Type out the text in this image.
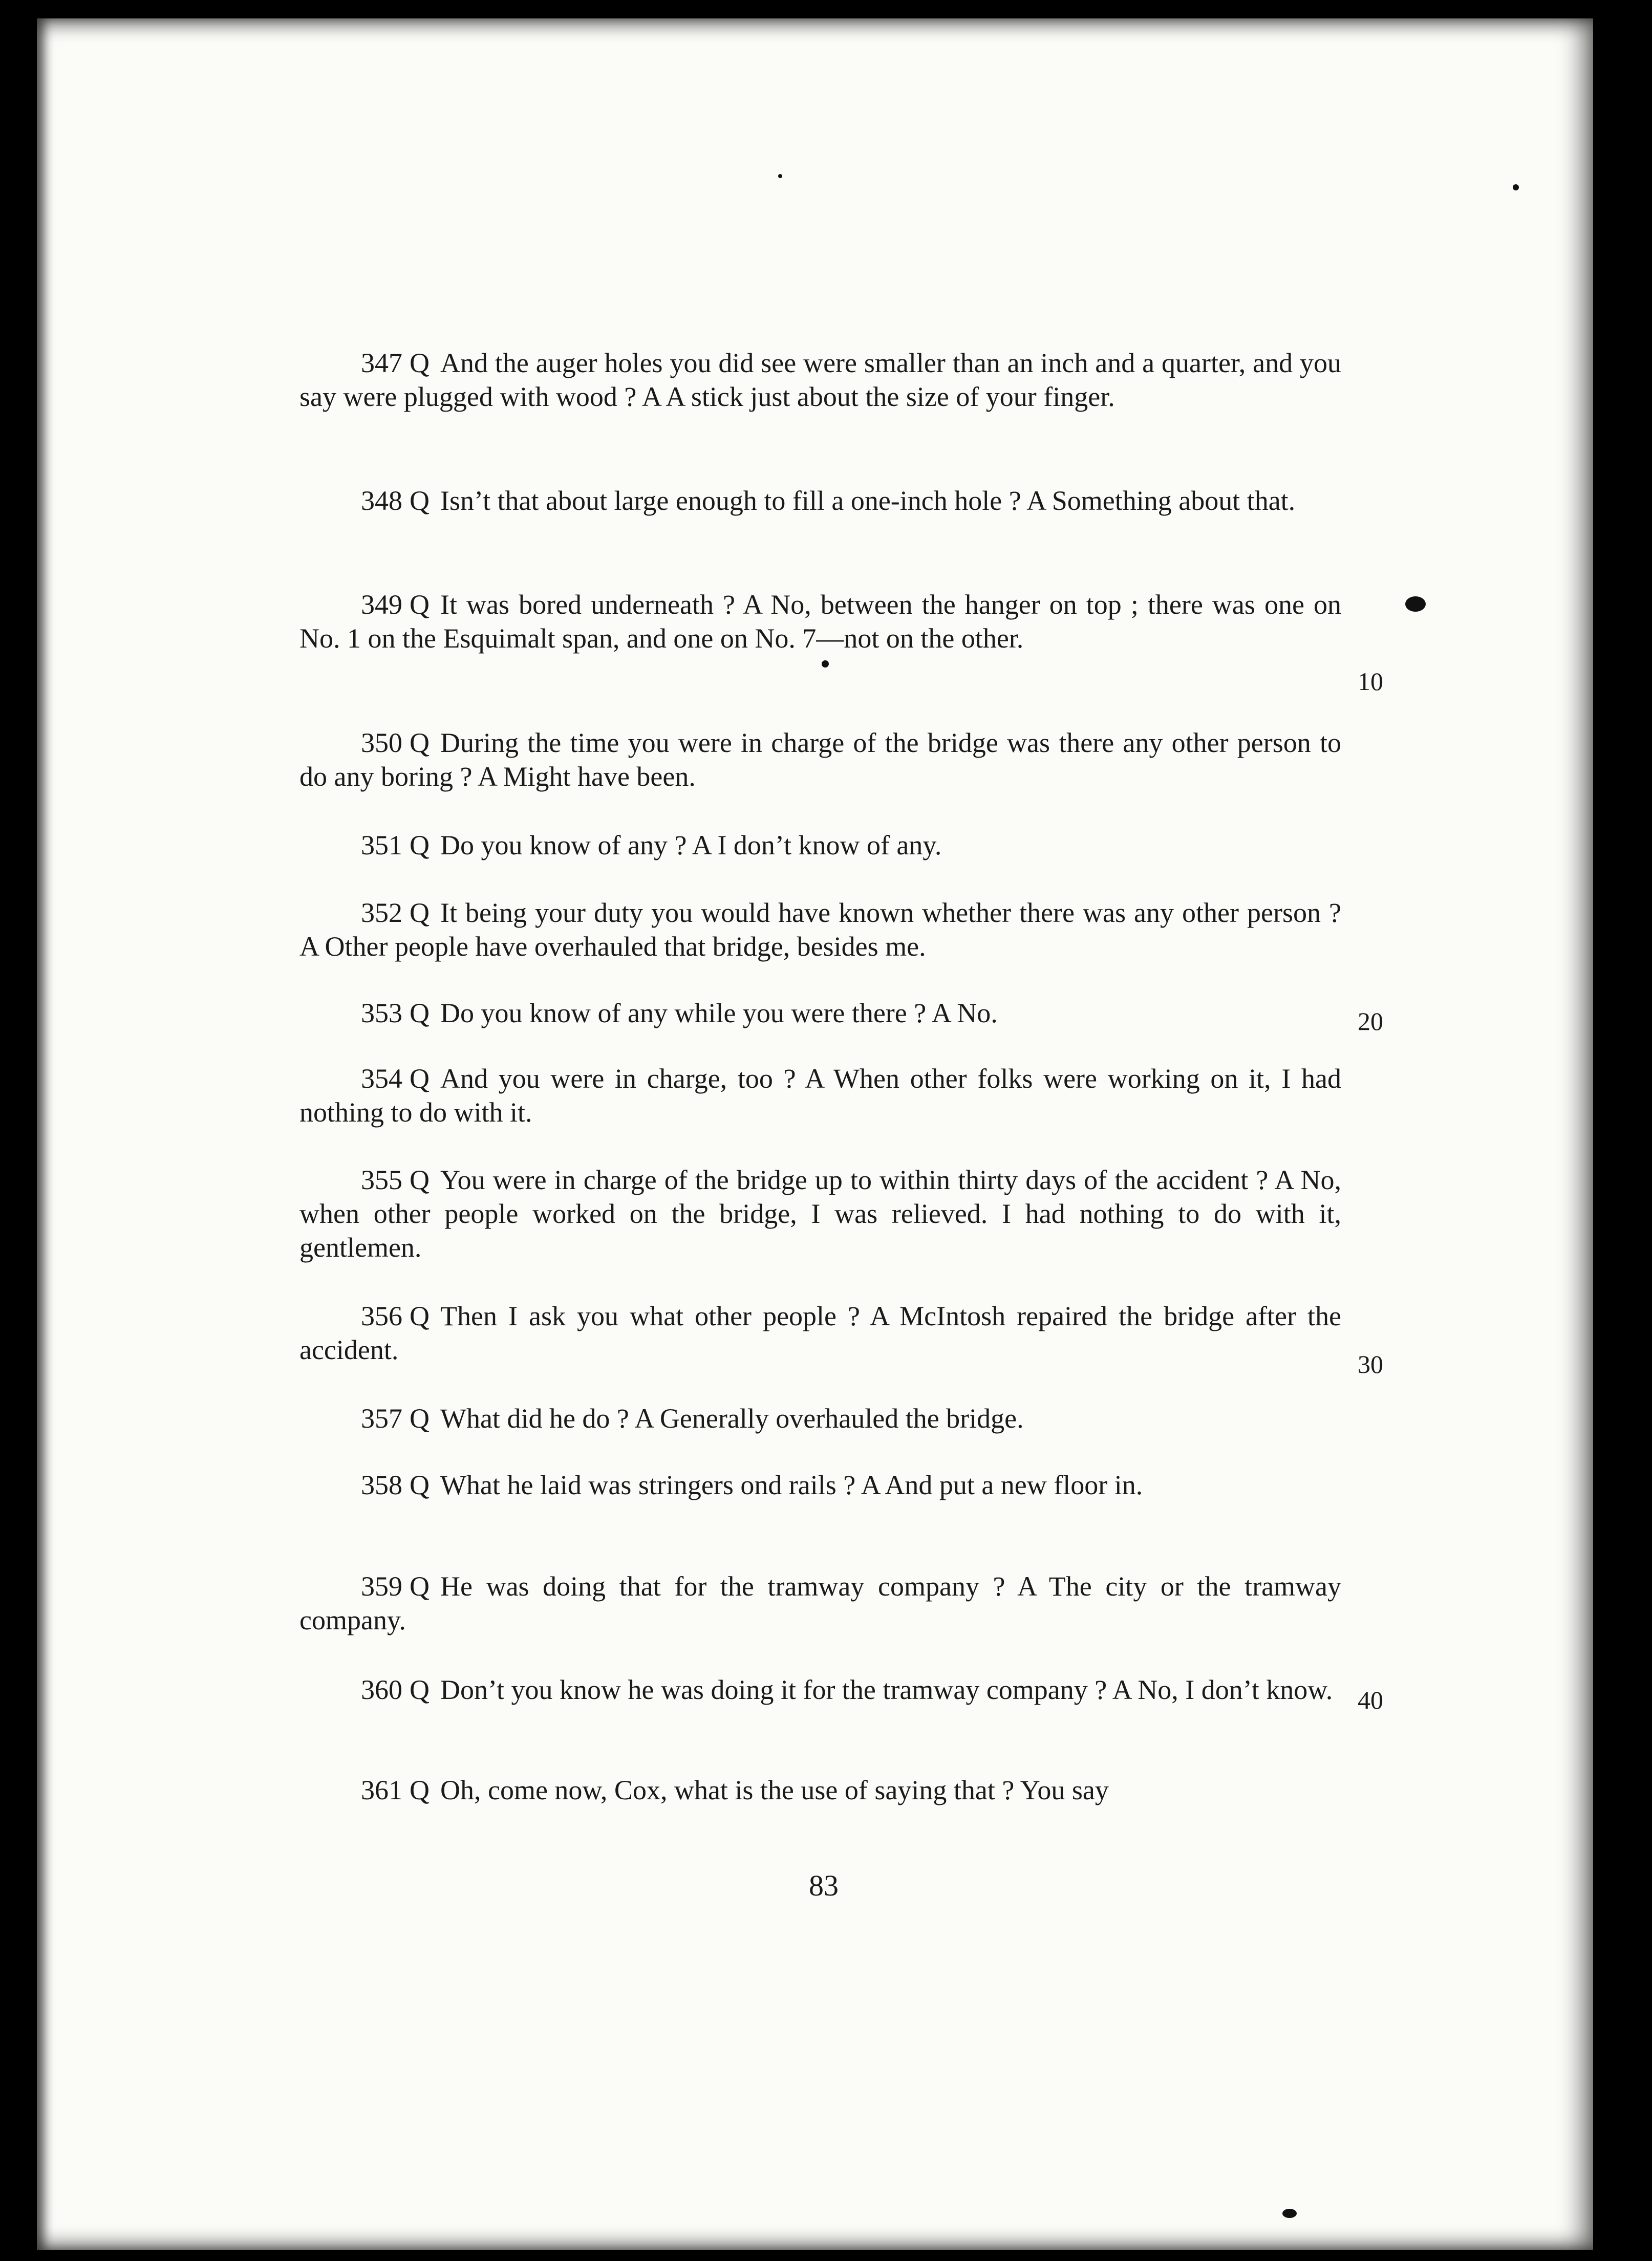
347 Q And the auger holes you did see were smaller than an inch and a quarter, and you say were plugged with wood ? A A stick just about the size of your finger.
348 Q Isn’t that about large enough to fill a one-inch hole ? A Something about that.
349 Q It was bored underneath ? A No, between the hanger on top ; there was one on No. 1 on the Esquimalt span, and one on No. 7—not on the other.
350 Q During the time you were in charge of the bridge was there any other person to do any boring ? A Might have been.
351 Q Do you know of any ? A I don’t know of any.
352 Q It being your duty you would have known whether there was any other person ? A Other people have overhauled that bridge, besides me.
353 Q Do you know of any while you were there ? A No.
354 Q And you were in charge, too ? A When other folks were working on it, I had nothing to do with it.
355 Q You were in charge of the bridge up to within thirty days of the accident ? A No, when other people worked on the bridge, I was relieved. I had nothing to do with it, gentlemen.
356 Q Then I ask you what other people ? A McIntosh repaired the bridge after the accident.
357 Q What did he do ? A Generally overhauled the bridge.
358 Q What he laid was stringers ond rails ? A And put a new floor in.
359 Q He was doing that for the tramway company ? A The city or the tramway company.
360 Q Don’t you know he was doing it for the tramway company ? A No, I don’t know.
361 Q Oh, come now, Cox, what is the use of saying that ? You say
10
20
30
40
83
